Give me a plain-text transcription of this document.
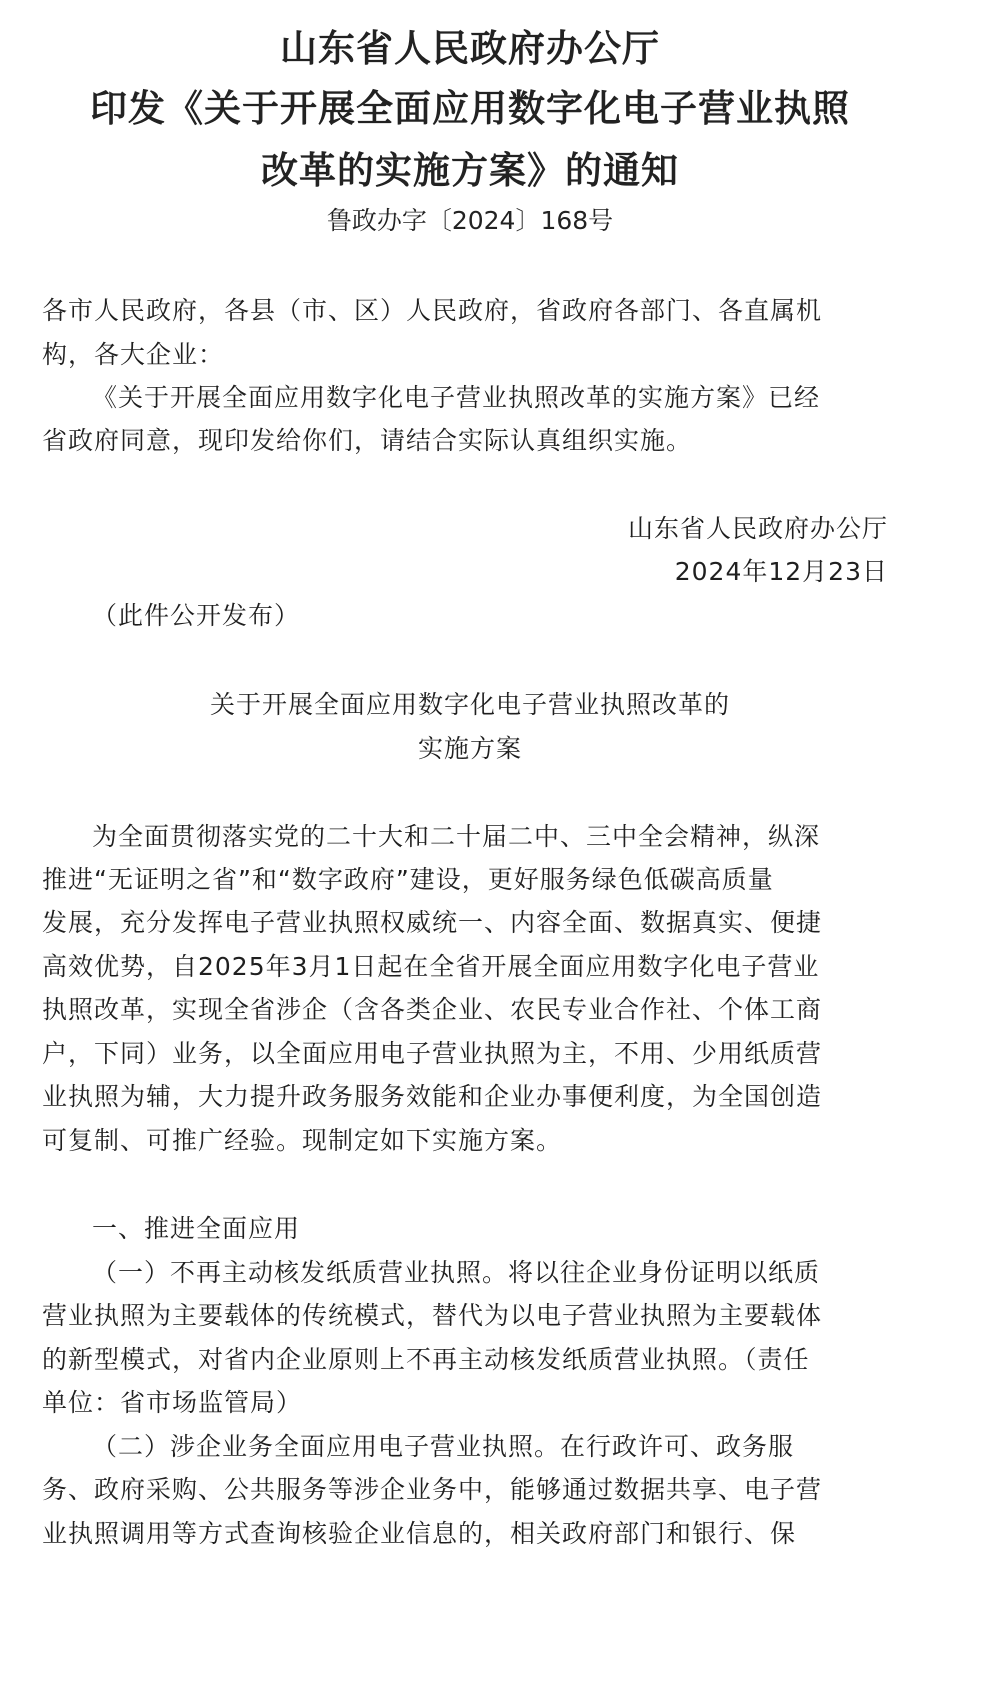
山东省人民政府办公厅
印发《关于开展全面应用数字化电子营业执照
改革的实施方案》的通知
鲁政办字〔2024〕168号
各市人民政府，各县（市、区）人民政府，省政府各部门、各直属机
构，各大企业：
《关于开展全面应用数字化电子营业执照改革的实施方案》已经
省政府同意，现印发给你们，请结合实际认真组织实施。
山东省人民政府办公厅
2024年12月23日
（此件公开发布）
关于开展全面应用数字化电子营业执照改革的
实施方案
为全面贯彻落实党的二十大和二十届二中、三中全会精神，纵深
推进“无证明之省”和“数字政府”建设，更好服务绿色低碳高质量
发展，充分发挥电子营业执照权威统一、内容全面、数据真实、便捷
高效优势，自2025年3月1日起在全省开展全面应用数字化电子营业
执照改革，实现全省涉企（含各类企业、农民专业合作社、个体工商
户，下同）业务，以全面应用电子营业执照为主，不用、少用纸质营
业执照为辅，大力提升政务服务效能和企业办事便利度，为全国创造
可复制、可推广经验。现制定如下实施方案。
一、推进全面应用
（一）不再主动核发纸质营业执照。将以往企业身份证明以纸质
营业执照为主要载体的传统模式，替代为以电子营业执照为主要载体
的新型模式，对省内企业原则上不再主动核发纸质营业执照。（责任
单位：省市场监管局）
（二）涉企业务全面应用电子营业执照。在行政许可、政务服
务、政府采购、公共服务等涉企业务中，能够通过数据共享、电子营
业执照调用等方式查询核验企业信息的，相关政府部门和银行、保
